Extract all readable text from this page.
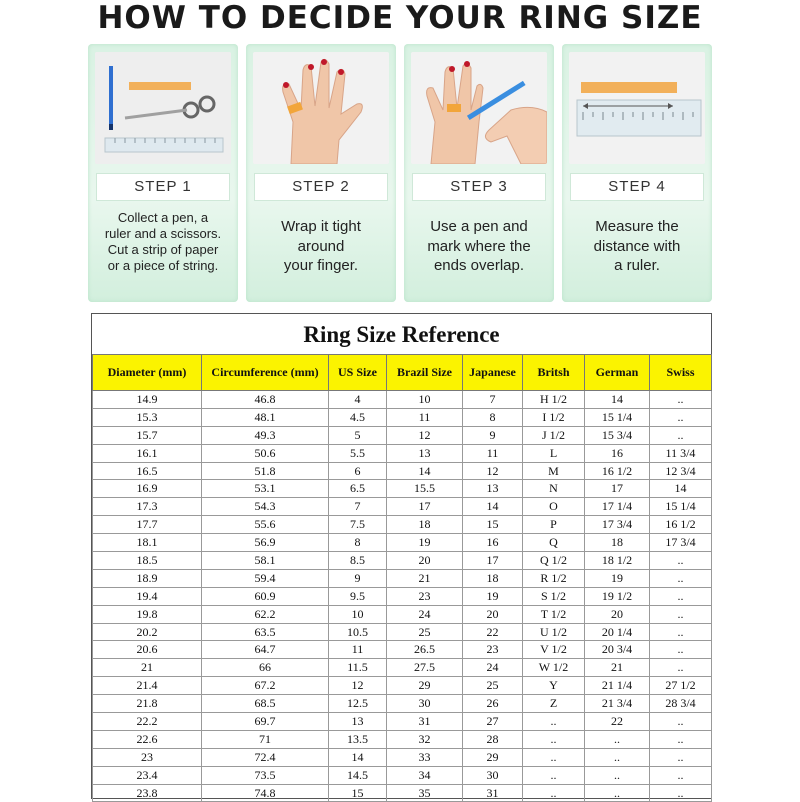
HOW TO DECIDE YOUR RING SIZE
STEP 1
Collect a pen, a
ruler and a scissors.
Cut a strip of paper
or a piece of string.
STEP 2
Wrap it tight
around
your finger.
STEP 3
Use a pen and
mark where the
ends overlap.
STEP 4
Measure the
distance with
a ruler.
Ring Size Reference
Diameter (mm)	Circumference (mm)	US Size	Brazil Size	Japanese	Britsh	German	Swiss
14.9	46.8	4	10	7	H 1/2	14	..
15.3	48.1	4.5	11	8	I 1/2	15 1/4	..
15.7	49.3	5	12	9	J 1/2	15 3/4	..
16.1	50.6	5.5	13	11	L	16	11 3/4
16.5	51.8	6	14	12	M	16 1/2	12 3/4
16.9	53.1	6.5	15.5	13	N	17	14
17.3	54.3	7	17	14	O	17 1/4	15 1/4
17.7	55.6	7.5	18	15	P	17 3/4	16 1/2
18.1	56.9	8	19	16	Q	18	17 3/4
18.5	58.1	8.5	20	17	Q 1/2	18 1/2	..
18.9	59.4	9	21	18	R 1/2	19	..
19.4	60.9	9.5	23	19	S 1/2	19 1/2	..
19.8	62.2	10	24	20	T 1/2	20	..
20.2	63.5	10.5	25	22	U 1/2	20 1/4	..
20.6	64.7	11	26.5	23	V 1/2	20 3/4	..
21	66	11.5	27.5	24	W 1/2	21	..
21.4	67.2	12	29	25	Y	21 1/4	27 1/2
21.8	68.5	12.5	30	26	Z	21 3/4	28 3/4
22.2	69.7	13	31	27	..	22	..
22.6	71	13.5	32	28	..	..	..
23	72.4	14	33	29	..	..	..
23.4	73.5	14.5	34	30	..	..	..
23.8	74.8	15	35	31	..	..	..
